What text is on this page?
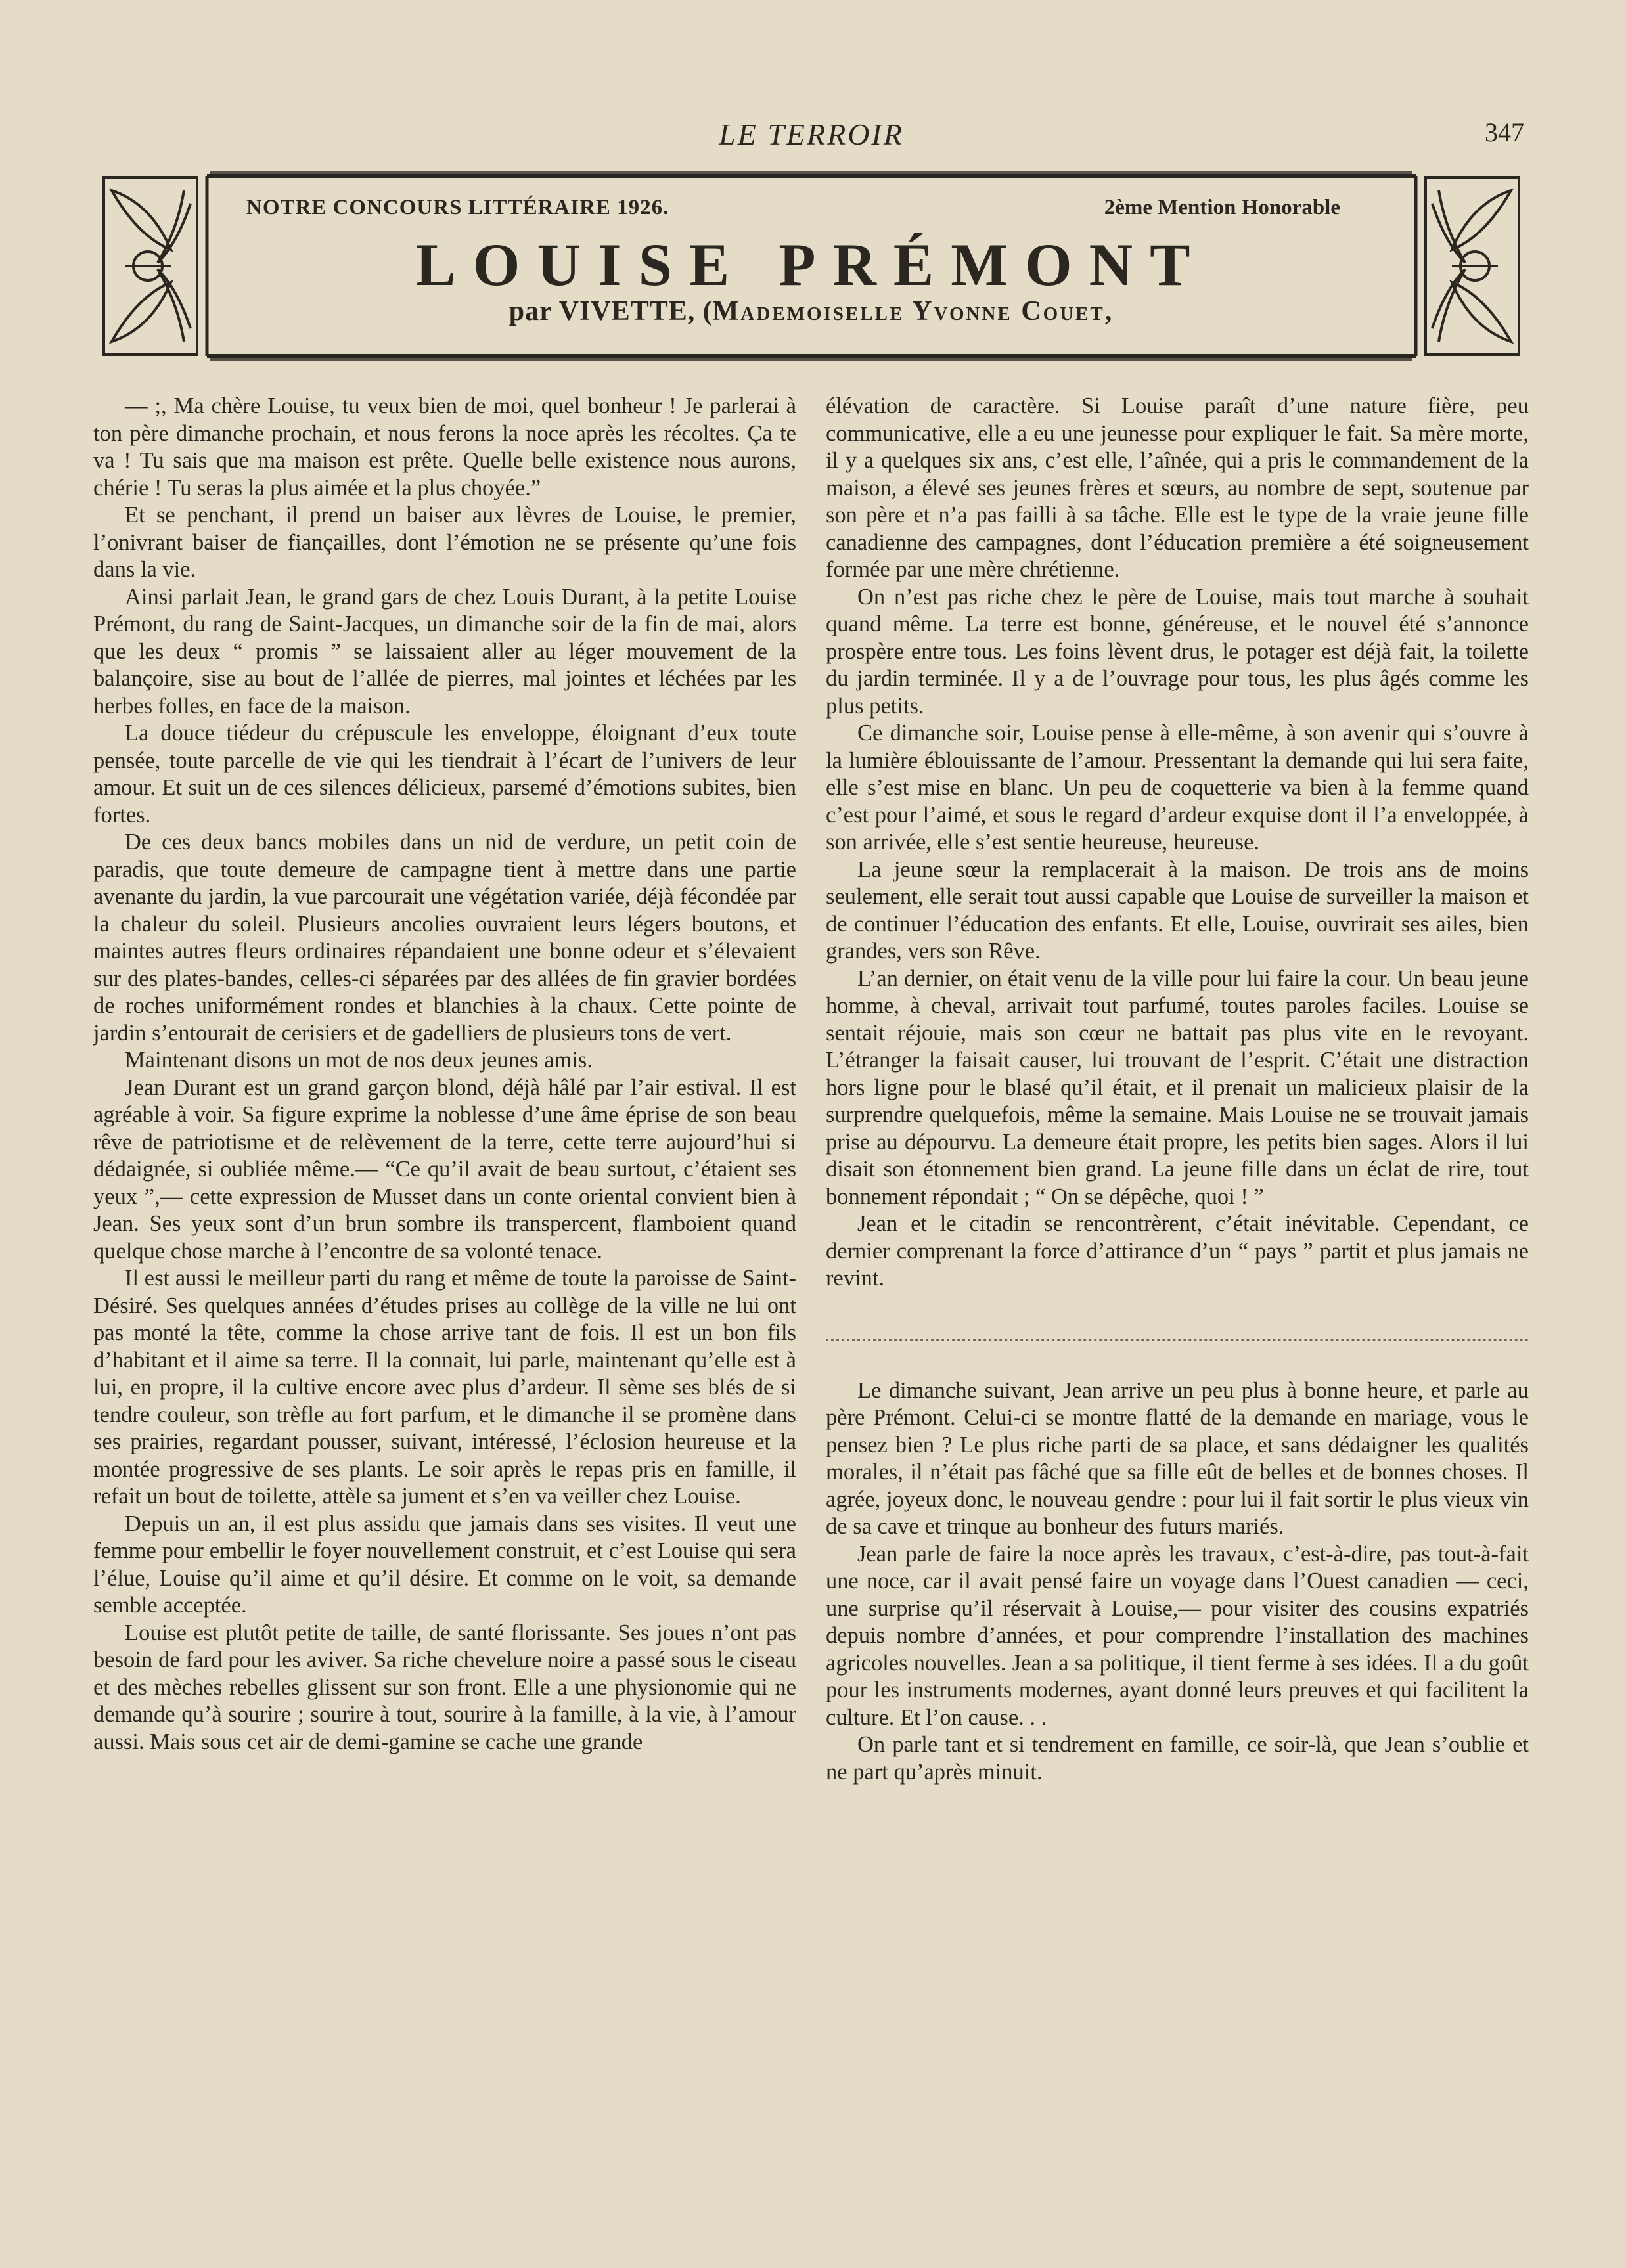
LE TERROIR	347
NOTRE CONCOURS LITTÉRAIRE 1926.	2ème Mention Honorable
LOUISE PRÉMONT
par VIVETTE, (Mademoiselle Yvonne Couet,

— ;, Ma chère Louise, tu veux bien de moi, quel bonheur ! Je parlerai à ton père dimanche prochain, et nous ferons la noce après les récoltes. Ça te va ! Tu sais que ma maison est prête. Quelle belle existence nous aurons, chérie ! Tu seras la plus aimée et la plus choyée.”

Et se penchant, il prend un baiser aux lèvres de Louise, le premier, l’onivrant baiser de fiançailles, dont l’émotion ne se présente qu’une fois dans la vie.

Ainsi parlait Jean, le grand gars de chez Louis Durant, à la petite Louise Prémont, du rang de Saint-Jacques, un dimanche soir de la fin de mai, alors que les deux “ promis ” se laissaient aller au léger mouvement de la balançoire, sise au bout de l’allée de pierres, mal jointes et léchées par les herbes folles, en face de la maison.

La douce tiédeur du crépuscule les enveloppe, éloignant d’eux toute pensée, toute parcelle de vie qui les tiendrait à l’écart de l’univers de leur amour. Et suit un de ces silences délicieux, parsemé d’émotions subites, bien fortes.

De ces deux bancs mobiles dans un nid de verdure, un petit coin de paradis, que toute demeure de campagne tient à mettre dans une partie avenante du jardin, la vue parcourait une végétation variée, déjà fécondée par la chaleur du soleil. Plusieurs ancolies ouvraient leurs légers boutons, et maintes autres fleurs ordinaires répandaient une bonne odeur et s’élevaient sur des plates-bandes, celles-ci séparées par des allées de fin gravier bordées de roches uniformément rondes et blanchies à la chaux. Cette pointe de jardin s’entourait de cerisiers et de gadelliers de plusieurs tons de vert.

Maintenant disons un mot de nos deux jeunes amis.

Jean Durant est un grand garçon blond, déjà hâlé par l’air estival. Il est agréable à voir. Sa figure exprime la noblesse d’une âme éprise de son beau rêve de patriotisme et de relèvement de la terre, cette terre aujourd’hui si dédaignée, si oubliée même.— “Ce qu’il avait de beau surtout, c’étaient ses yeux ”,— cette expression de Musset dans un conte oriental convient bien à Jean. Ses yeux sont d’un brun sombre ils transpercent, flamboient quand quelque chose marche à l’encontre de sa volonté tenace.

Il est aussi le meilleur parti du rang et même de toute la paroisse de Saint-Désiré. Ses quelques années d’études prises au collège de la ville ne lui ont pas monté la tête, comme la chose arrive tant de fois. Il est un bon fils d’habitant et il aime sa terre. Il la connait, lui parle, maintenant qu’elle est à lui, en propre, il la cultive encore avec plus d’ardeur. Il sème ses blés de si tendre couleur, son trèfle au fort parfum, et le dimanche il se promène dans ses prairies, regardant pousser, suivant, intéressé, l’éclosion heureuse et la montée progressive de ses plants. Le soir après le repas pris en famille, il refait un bout de toilette, attèle sa jument et s’en va veiller chez Louise.

Depuis un an, il est plus assidu que jamais dans ses visites. Il veut une femme pour embellir le foyer nouvellement construit, et c’est Louise qui sera l’élue, Louise qu’il aime et qu’il désire. Et comme on le voit, sa demande semble acceptée.

Louise est plutôt petite de taille, de santé florissante. Ses joues n’ont pas besoin de fard pour les aviver. Sa riche chevelure noire a passé sous le ciseau et des mèches rebelles glissent sur son front. Elle a une physionomie qui ne demande qu’à sourire ; sourire à tout, sourire à la famille, à la vie, à l’amour aussi. Mais sous cet air de demi-gamine se cache une grande

élévation de caractère. Si Louise paraît d’une nature fière, peu communicative, elle a eu une jeunesse pour expliquer le fait. Sa mère morte, il y a quelques six ans, c’est elle, l’aînée, qui a pris le commandement de la maison, a élevé ses jeunes frères et sœurs, au nombre de sept, soutenue par son père et n’a pas failli à sa tâche. Elle est le type de la vraie jeune fille canadienne des campagnes, dont l’éducation première a été soigneusement formée par une mère chrétienne.

On n’est pas riche chez le père de Louise, mais tout marche à souhait quand même. La terre est bonne, généreuse, et le nouvel été s’annonce prospère entre tous. Les foins lèvent drus, le potager est déjà fait, la toilette du jardin terminée. Il y a de l’ouvrage pour tous, les plus âgés comme les plus petits.

Ce dimanche soir, Louise pense à elle-même, à son avenir qui s’ouvre à la lumière éblouissante de l’amour. Pressentant la demande qui lui sera faite, elle s’est mise en blanc. Un peu de coquetterie va bien à la femme quand c’est pour l’aimé, et sous le regard d’ardeur exquise dont il l’a enveloppée, à son arrivée, elle s’est sentie heureuse, heureuse.

La jeune sœur la remplacerait à la maison. De trois ans de moins seulement, elle serait tout aussi capable que Louise de surveiller la maison et de continuer l’éducation des enfants. Et elle, Louise, ouvrirait ses ailes, bien grandes, vers son Rêve.

L’an dernier, on était venu de la ville pour lui faire la cour. Un beau jeune homme, à cheval, arrivait tout parfumé, toutes paroles faciles. Louise se sentait réjouie, mais son cœur ne battait pas plus vite en le revoyant. L’étranger la faisait causer, lui trouvant de l’esprit. C’était une distraction hors ligne pour le blasé qu’il était, et il prenait un malicieux plaisir de la surprendre quelquefois, même la semaine. Mais Louise ne se trouvait jamais prise au dépourvu. La demeure était propre, les petits bien sages. Alors il lui disait son étonnement bien grand. La jeune fille dans un éclat de rire, tout bonnement répondait ; “ On se dépêche, quoi ! ”

Jean et le citadin se rencontrèrent, c’était inévitable. Cependant, ce dernier comprenant la force d’attirance d’un “ pays ” partit et plus jamais ne revint.

Le dimanche suivant, Jean arrive un peu plus à bonne heure, et parle au père Prémont. Celui-ci se montre flatté de la demande en mariage, vous le pensez bien ? Le plus riche parti de sa place, et sans dédaigner les qualités morales, il n’était pas fâché que sa fille eût de belles et de bonnes choses. Il agrée, joyeux donc, le nouveau gendre : pour lui il fait sortir le plus vieux vin de sa cave et trinque au bonheur des futurs mariés.

Jean parle de faire la noce après les travaux, c’est-à-dire, pas tout-à-fait une noce, car il avait pensé faire un voyage dans l’Ouest canadien — ceci, une surprise qu’il réservait à Louise,— pour visiter des cousins expatriés depuis nombre d’années, et pour comprendre l’installation des machines agricoles nouvelles. Jean a sa politique, il tient ferme à ses idées. Il a du goût pour les instruments modernes, ayant donné leurs preuves et qui facilitent la culture. Et l’on cause. . .

On parle tant et si tendrement en famille, ce soir-là, que Jean s’oublie et ne part qu’après minuit.
